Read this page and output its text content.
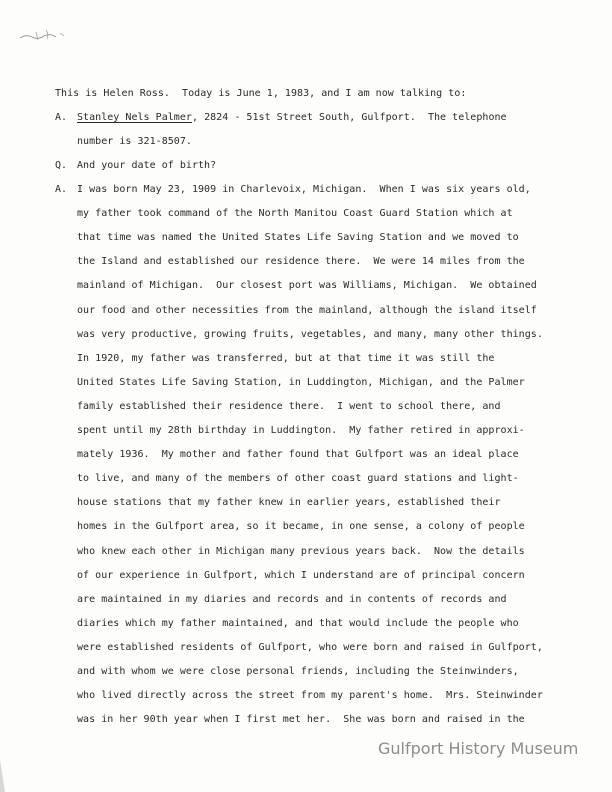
This is Helen Ross.  Today is June 1, 1983, and I am now talking to:

A. Stanley Nels Palmer, 2824 - 51st Street South, Gulfport.  The telephone

number is 321-8507.

Q. And your date of birth?

A. I was born May 23, 1909 in Charlevoix, Michigan.  When I was six years old,

my father took command of the North Manitou Coast Guard Station which at

that time was named the United States Life Saving Station and we moved to

the Island and established our residence there.  We were 14 miles from the

mainland of Michigan.  Our closest port was Williams, Michigan.  We obtained

our food and other necessities from the mainland, although the island itself

was very productive, growing fruits, vegetables, and many, many other things.

In 1920, my father was transferred, but at that time it was still the

United States Life Saving Station, in Luddington, Michigan, and the Palmer

family established their residence there.  I went to school there, and

spent until my 28th birthday in Luddington.  My father retired in approxi-

mately 1936.  My mother and father found that Gulfport was an ideal place

to live, and many of the members of other coast guard stations and light-

house stations that my father knew in earlier years, established their

homes in the Gulfport area, so it became, in one sense, a colony of people

who knew each other in Michigan many previous years back.  Now the details

of our experience in Gulfport, which I understand are of principal concern

are maintained in my diaries and records and in contents of records and

diaries which my father maintained, and that would include the people who

were established residents of Gulfport, who were born and raised in Gulfport,

and with whom we were close personal friends, including the Steinwinders,

who lived directly across the street from my parent's home.  Mrs. Steinwinder

was in her 90th year when I first met her.  She was born and raised in the

Gulfport History Museum
